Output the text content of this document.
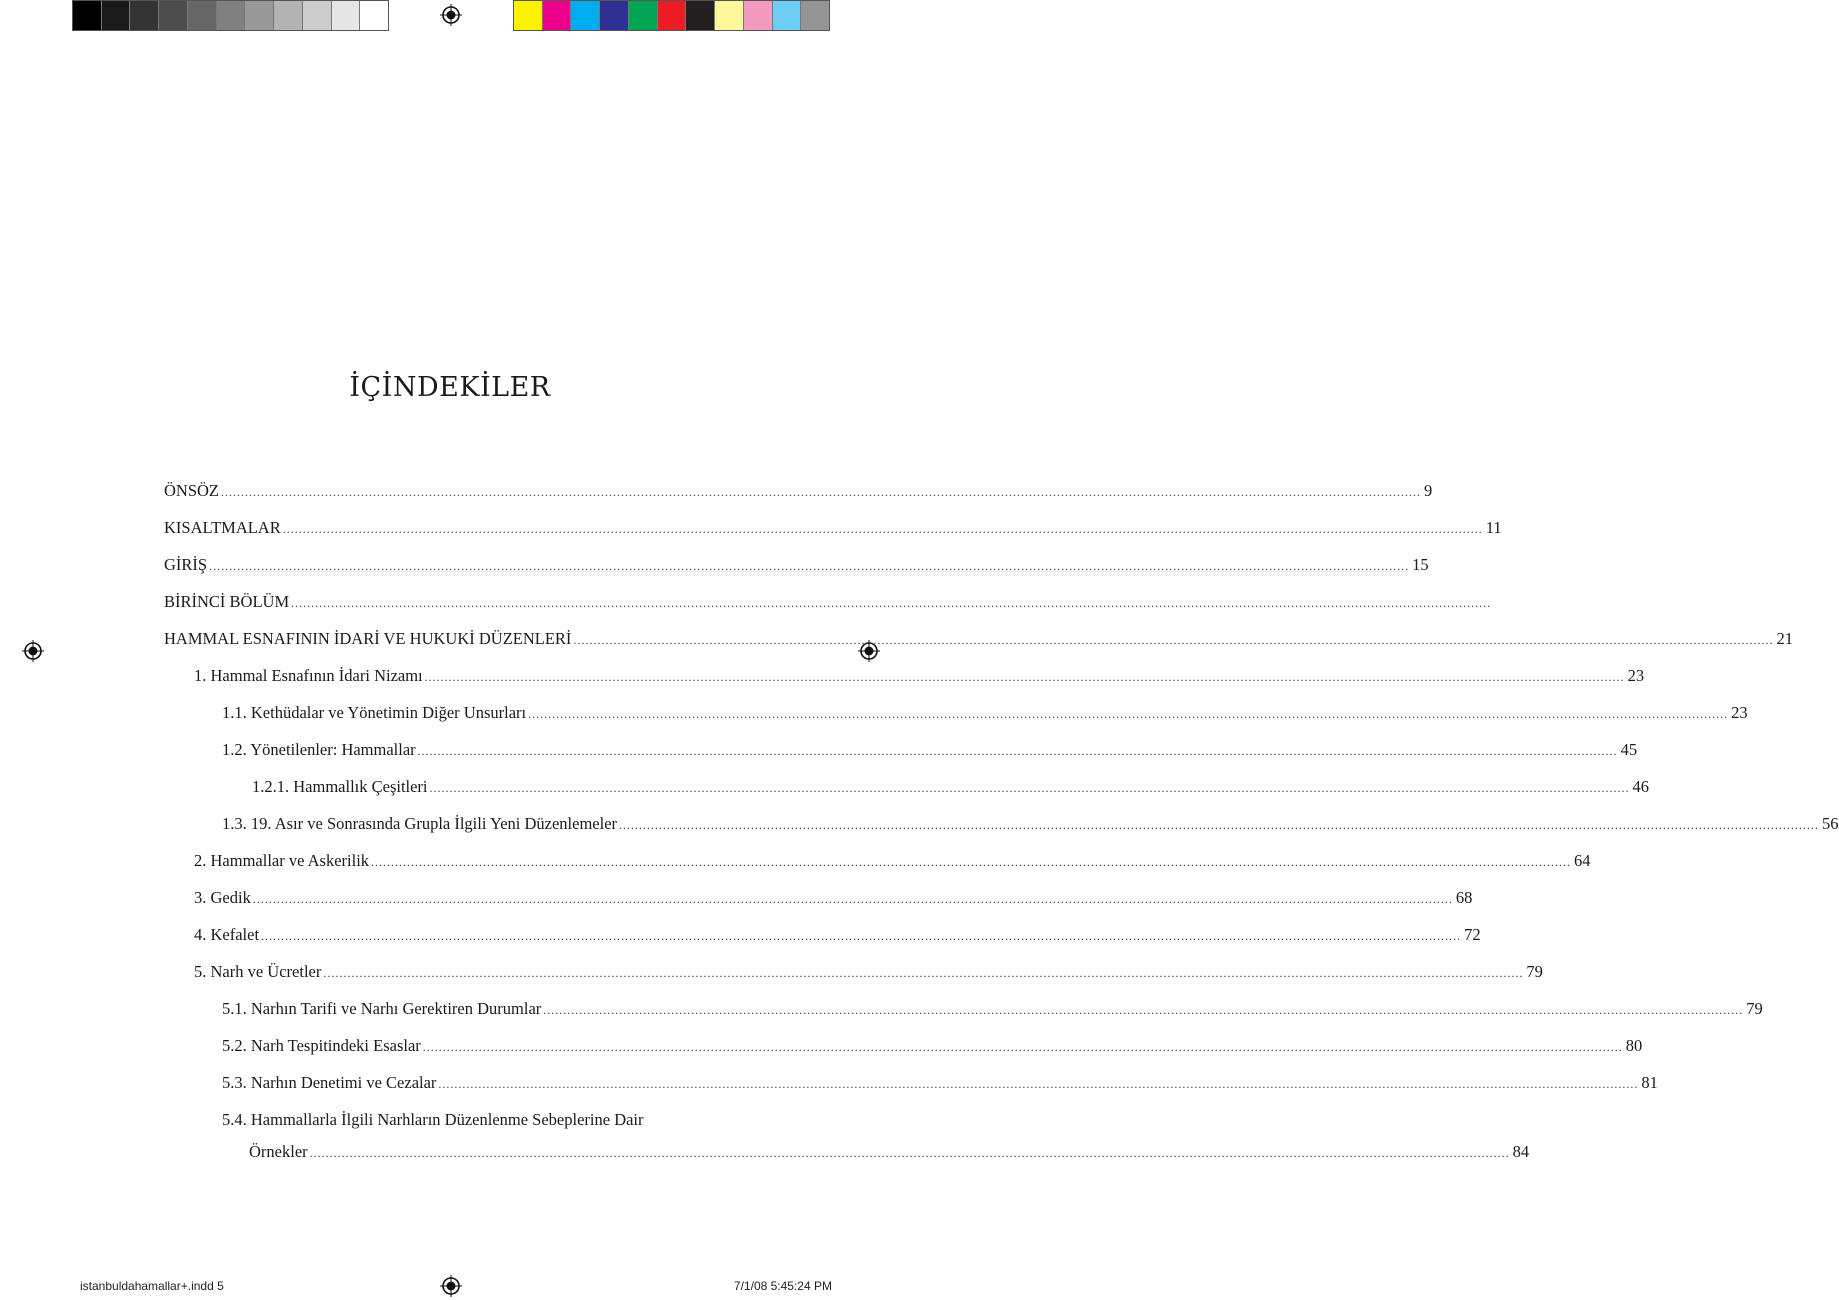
İÇİNDEKİLER
ÖNSÖZ ............................................................................................................................................................................................................................................................................................................ 9
KISALTMALAR ............................................................................................................................................................................................................................................................................................................ 11
GİRİŞ ............................................................................................................................................................................................................................................................................................................ 15
BİRİNCİ BÖLÜM ............................................................................................................................................................................................................................................................................................................
HAMMAL ESNAFININ İDARİ VE HUKUKİ DÜZENLERİ ............................................................................................................................................................................................................................................................................................................ 21
1. Hammal Esnafının İdari Nizamı ............................................................................................................................................................................................................................................................................................................ 23
1.1. Kethüdalar ve Yönetimin Diğer Unsurları ............................................................................................................................................................................................................................................................................................................ 23
1.2. Yönetilenler: Hammallar ............................................................................................................................................................................................................................................................................................................ 45
1.2.1. Hammallık Çeşitleri ............................................................................................................................................................................................................................................................................................................ 46
1.3. 19. Asır ve Sonrasında Grupla İlgili Yeni Düzenlemeler ............................................................................................................................................................................................................................................................................................................ 56
2. Hammallar ve Askerilik ............................................................................................................................................................................................................................................................................................................ 64
3. Gedik ............................................................................................................................................................................................................................................................................................................ 68
4. Kefalet ............................................................................................................................................................................................................................................................................................................ 72
5. Narh ve Ücretler ............................................................................................................................................................................................................................................................................................................ 79
5.1. Narhın Tarifi ve Narhı Gerektiren Durumlar ............................................................................................................................................................................................................................................................................................................ 79
5.2. Narh Tespitindeki Esaslar ............................................................................................................................................................................................................................................................................................................ 80
5.3. Narhın Denetimi ve Cezalar ............................................................................................................................................................................................................................................................................................................ 81
5.4. Hammallarla İlgili Narhların Düzenlenme Sebeplerine Dair
Örnekler ............................................................................................................................................................................................................................................................................................................ 84
istanbuldahamallar+.indd 5	7/1/08 5:45:24 PM
